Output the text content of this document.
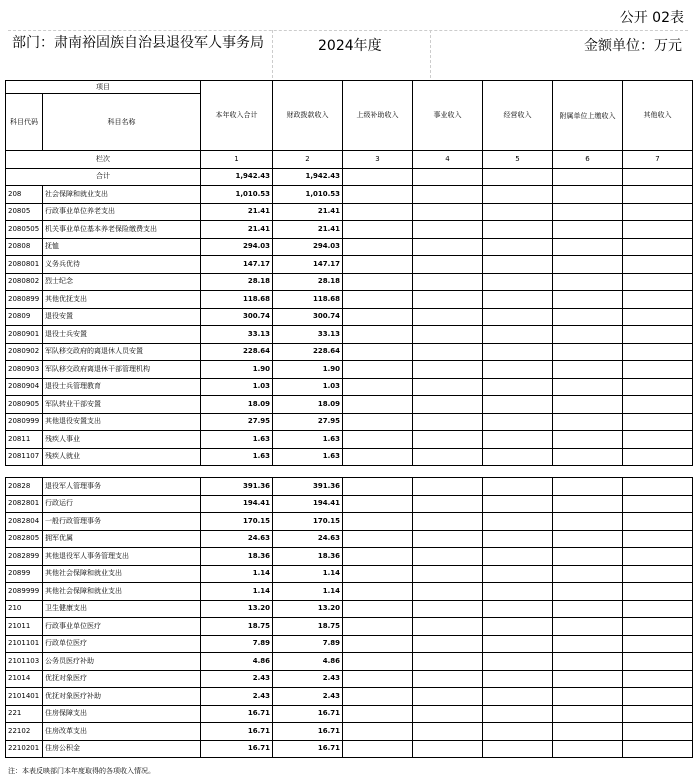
公开 02表
部门：肃南裕固族自治县退役军人事务局	2024年度	金额单位：万元
项目		本年收入合计	财政拨款收入	上级补助收入	事业收入	经营收入	附属单位上缴收入	其他收入
科目代码	科目名称							
栏次		1	2	3	4	5	6	7
合计		1,942.43	1,942.43					
208	社会保障和就业支出	1,010.53	1,010.53					
20805	行政事业单位养老支出	21.41	21.41					
2080505	机关事业单位基本养老保险缴费支出	21.41	21.41					
20808	抚恤	294.03	294.03					
2080801	义务兵优待	147.17	147.17					
2080802	烈士纪念	28.18	28.18					
2080899	其他优抚支出	118.68	118.68					
20809	退役安置	300.74	300.74					
2080901	退役士兵安置	33.13	33.13					
2080902	军队移交政府的离退休人员安置	228.64	228.64					
2080903	军队移交政府离退休干部管理机构	1.90	1.90					
2080904	退役士兵管理教育	1.03	1.03					
2080905	军队转业干部安置	18.09	18.09					
2080999	其他退役安置支出	27.95	27.95					
20811	残疾人事业	1.63	1.63					
2081107	残疾人就业	1.63	1.63					

20828	退役军人管理事务	391.36	391.36					
2082801	行政运行	194.41	194.41					
2082804	一般行政管理事务	170.15	170.15					
2082805	拥军优属	24.63	24.63					
2082899	其他退役军人事务管理支出	18.36	18.36					
20899	其他社会保障和就业支出	1.14	1.14					
2089999	其他社会保障和就业支出	1.14	1.14					
210	卫生健康支出	13.20	13.20					
21011	行政事业单位医疗	18.75	18.75					
2101101	行政单位医疗	7.89	7.89					
2101103	公务员医疗补助	4.86	4.86					
21014	优抚对象医疗	2.43	2.43					
2101401	优抚对象医疗补助	2.43	2.43					
221	住房保障支出	16.71	16.71					
22102	住房改革支出	16.71	16.71					
2210201	住房公积金	16.71	16.71					
注：本表反映部门本年度取得的各项收入情况。
